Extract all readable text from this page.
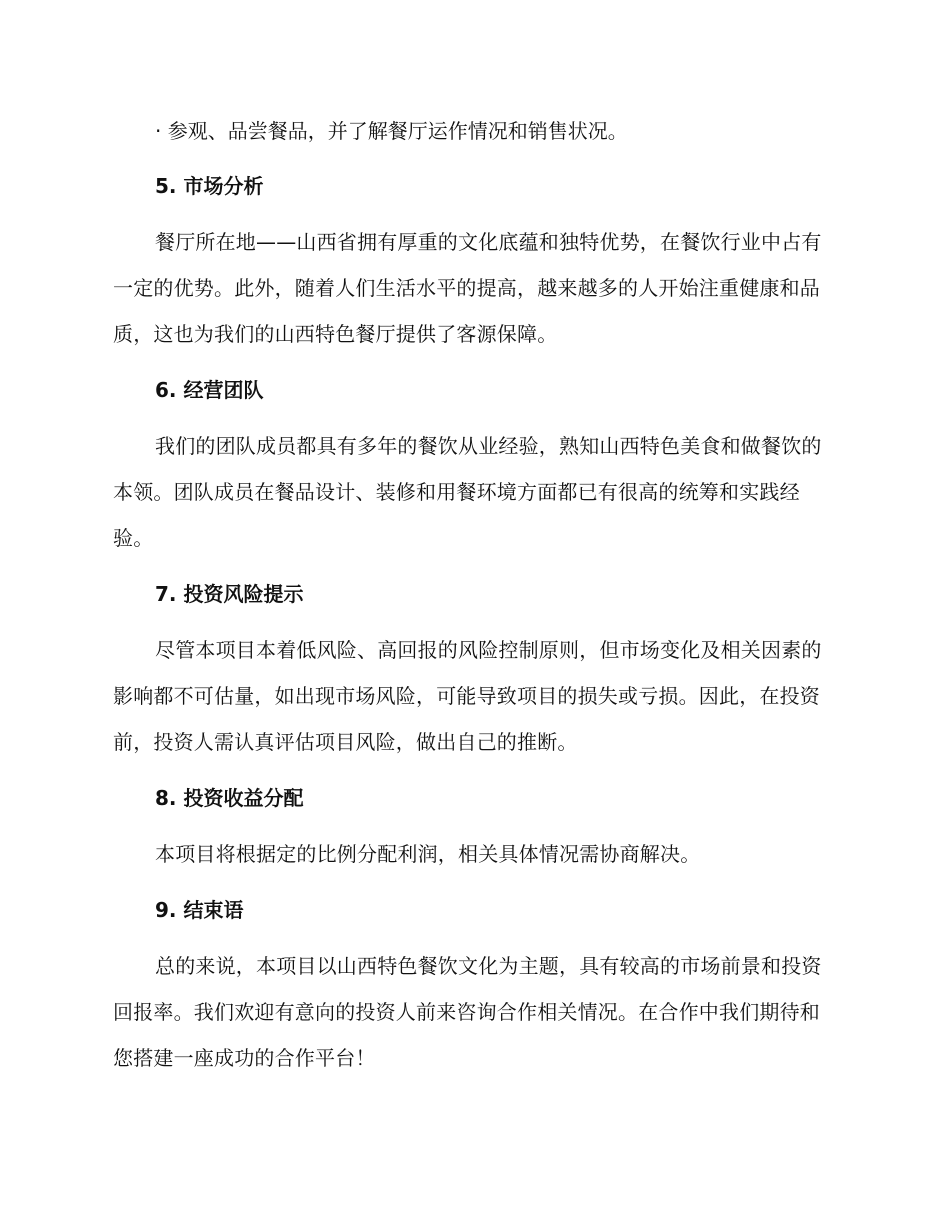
· 参观、品尝餐品，并了解餐厅运作情况和销售状况。
5. 市场分析
餐厅所在地——山西省拥有厚重的文化底蕴和独特优势，在餐饮行业中占有一定的优势。此外，随着人们生活水平的提高，越来越多的人开始注重健康和品质，这也为我们的山西特色餐厅提供了客源保障。
6. 经营团队
我们的团队成员都具有多年的餐饮从业经验，熟知山西特色美食和做餐饮的本领。团队成员在餐品设计、装修和用餐环境方面都已有很高的统筹和实践经验。
7. 投资风险提示
尽管本项目本着低风险、高回报的风险控制原则，但市场变化及相关因素的影响都不可估量，如出现市场风险，可能导致项目的损失或亏损。因此，在投资前，投资人需认真评估项目风险，做出自己的推断。
8. 投资收益分配
本项目将根据定的比例分配利润，相关具体情况需协商解决。
9. 结束语
总的来说，本项目以山西特色餐饮文化为主题，具有较高的市场前景和投资回报率。我们欢迎有意向的投资人前来咨询合作相关情况。在合作中我们期待和您搭建一座成功的合作平台！
